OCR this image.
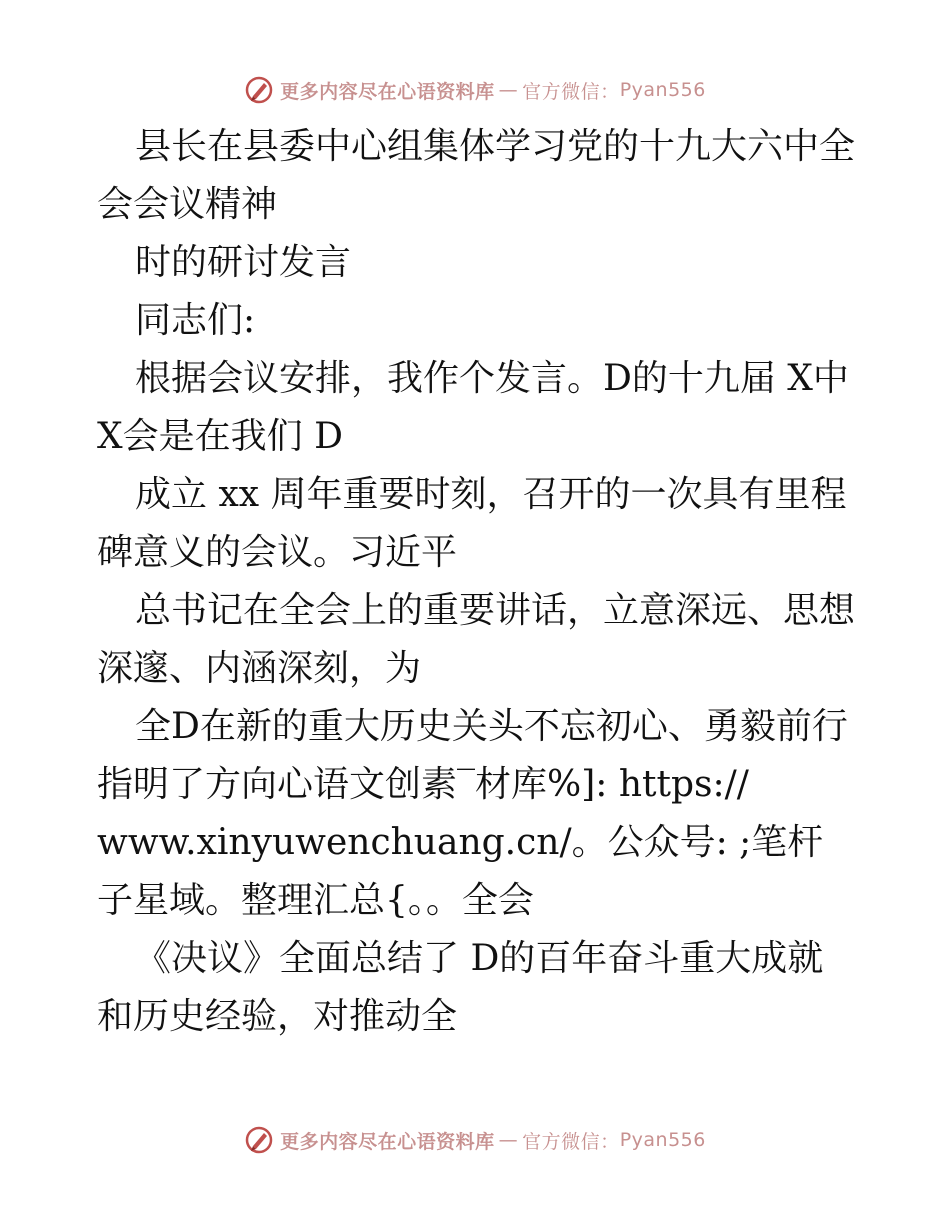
更多内容尽在心语资料库 — 官方微信： Pyan556

县长在县委中心组集体学习党的十九大六中全会会议精神

时的研讨发言

同志们:

根据会议安排，我作个发言。D的十九届 X中X会是在我们 D

成立 xx 周年重要时刻，召开的一次具有里程碑意义的会议。习近平

总书记在全会上的重要讲话，立意深远、思想深邃、内涵深刻，为

全D在新的重大历史关头不忘初心、勇毅前行指明了方向心语文创素‾材库%]: https://

www.xinyuwenchuang.cn/。公众号: ;笔杆子星域。整理汇总{。。全会

《决议》全面总结了 D的百年奋斗重大成就和历史经验，对推动全

更多内容尽在心语资料库 — 官方微信： Pyan556
